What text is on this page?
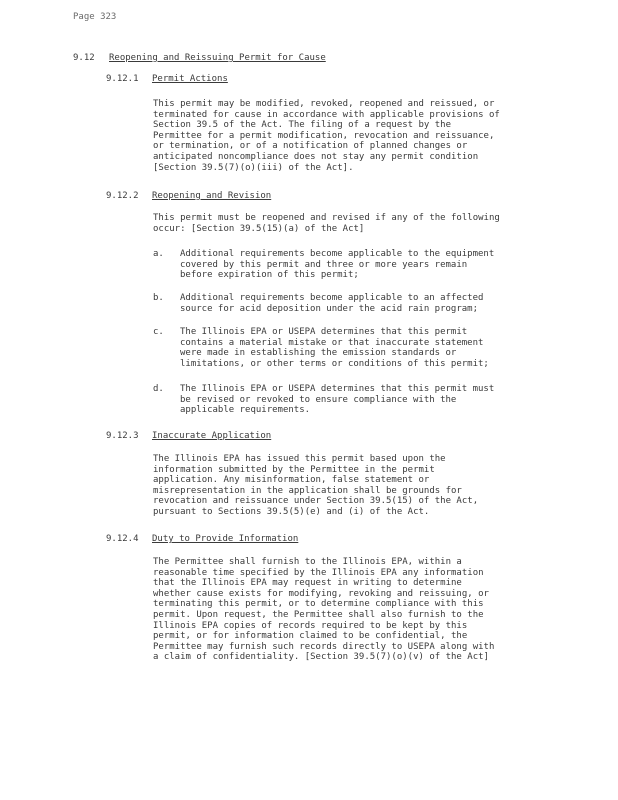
Page 323
9.12 Reopening and Reissuing Permit for Cause
9.12.1 Permit Actions

This permit may be modified, revoked, reopened and reissued, or
terminated for cause in accordance with applicable provisions of
Section 39.5 of the Act. The filing of a request by the
Permittee for a permit modification, revocation and reissuance,
or termination, or of a notification of planned changes or
anticipated noncompliance does not stay any permit condition
[Section 39.5(7)(o)(iii) of the Act].

9.12.2 Reopening and Revision

This permit must be reopened and revised if any of the following
occur: [Section 39.5(15)(a) of the Act]

a. Additional requirements become applicable to the equipment
covered by this permit and three or more years remain
before expiration of this permit;
b. Additional requirements become applicable to an affected
source for acid deposition under the acid rain program;
c. The Illinois EPA or USEPA determines that this permit
contains a material mistake or that inaccurate statement
were made in establishing the emission standards or
limitations, or other terms or conditions of this permit;
d. The Illinois EPA or USEPA determines that this permit must
be revised or revoked to ensure compliance with the
applicable requirements.
9.12.3 Inaccurate Application

The Illinois EPA has issued this permit based upon the
information submitted by the Permittee in the permit
application. Any misinformation, false statement or
misrepresentation in the application shall be grounds for
revocation and reissuance under Section 39.5(15) of the Act,
pursuant to Sections 39.5(5)(e) and (i) of the Act.

9.12.4 Duty to Provide Information

The Permittee shall furnish to the Illinois EPA, within a
reasonable time specified by the Illinois EPA any information
that the Illinois EPA may request in writing to determine
whether cause exists for modifying, revoking and reissuing, or
terminating this permit, or to determine compliance with this
permit. Upon request, the Permittee shall also furnish to the
Illinois EPA copies of records required to be kept by this
permit, or for information claimed to be confidential, the
Permittee may furnish such records directly to USEPA along with
a claim of confidentiality. [Section 39.5(7)(o)(v) of the Act]
